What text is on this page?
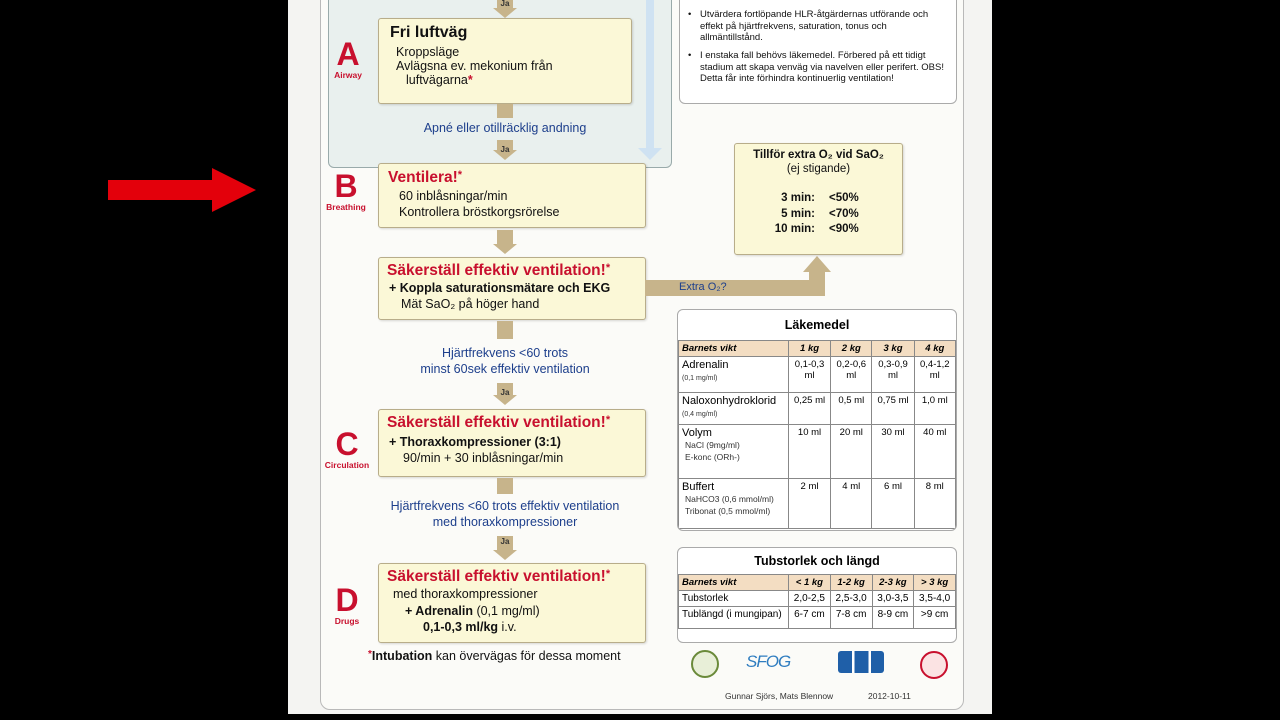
Ja
A
Airway
Fri luftväg
Kroppsläge
Avlägsna ev. mekonium från
luftvägarna*
Ja
Apné eller otillräcklig andning
B
Breathing
Ventilera!*
60 inblåsningar/min
Kontrollera bröstkorgsrörelse
Säkerställ effektiv ventilation!*
+ Koppla saturationsmätare och EKG
Mät SaO₂ på höger hand
Extra O₂?
Ja
Hjärtfrekvens <60 trots
minst 60sek effektiv ventilation
C
Circulation
Säkerställ effektiv ventilation!*
+ Thoraxkompressioner (3:1)
90/min + 30 inblåsningar/min
Ja
Hjärtfrekvens <60 trots effektiv ventilation
med thoraxkompressioner
D
Drugs
Säkerställ effektiv ventilation!*
med thoraxkompressioner
+ Adrenalin (0,1 mg/ml)
0,1-0,3 ml/kg i.v.
*Intubation kan övervägas för dessa moment
• Utvärdera fortlöpande HLR-åtgärdernas utförande och effekt på hjärtfrekvens, saturation, tonus och allmäntillstånd.
• I enstaka fall behövs läkemedel. Förbered på ett tidigt stadium att skapa venväg via navelven eller perifert. OBS! Detta får inte förhindra kontinuerlig ventilation!
Tillför extra O₂ vid SaO₂
(ej stigande)
3 min: <50%
5 min: <70%
10 min: <90%
Läkemedel
Barnets vikt	1 kg	2 kg	3 kg	4 kg
Adrenalin
(0,1 mg/ml)	0,1-0,3 ml	0,2-0,6 ml	0,3-0,9 ml	0,4-1,2 ml
Naloxonhydroklorid
(0,4 mg/ml)	0,25 ml	0,5 ml	0,75 ml	1,0 ml
Volym
NaCl (9mg/ml)
E-konc (ORh-)	10 ml	20 ml	30 ml	40 ml
Buffert
NaHCO3 (0,6 mmol/ml)
Tribonat (0,5 mmol/ml)	2 ml	4 ml	6 ml	8 ml
Tubstorlek och längd
Barnets vikt	< 1 kg	1-2 kg	2-3 kg	> 3 kg
Tubstorlek	2,0-2,5	2,5-3,0	3,0-3,5	3,5-4,0
Tublängd (i mungipan)	6-7 cm	7-8 cm	8-9 cm	>9 cm
SFOG
Gunnar Sjörs, Mats Blennow	2012-10-11
